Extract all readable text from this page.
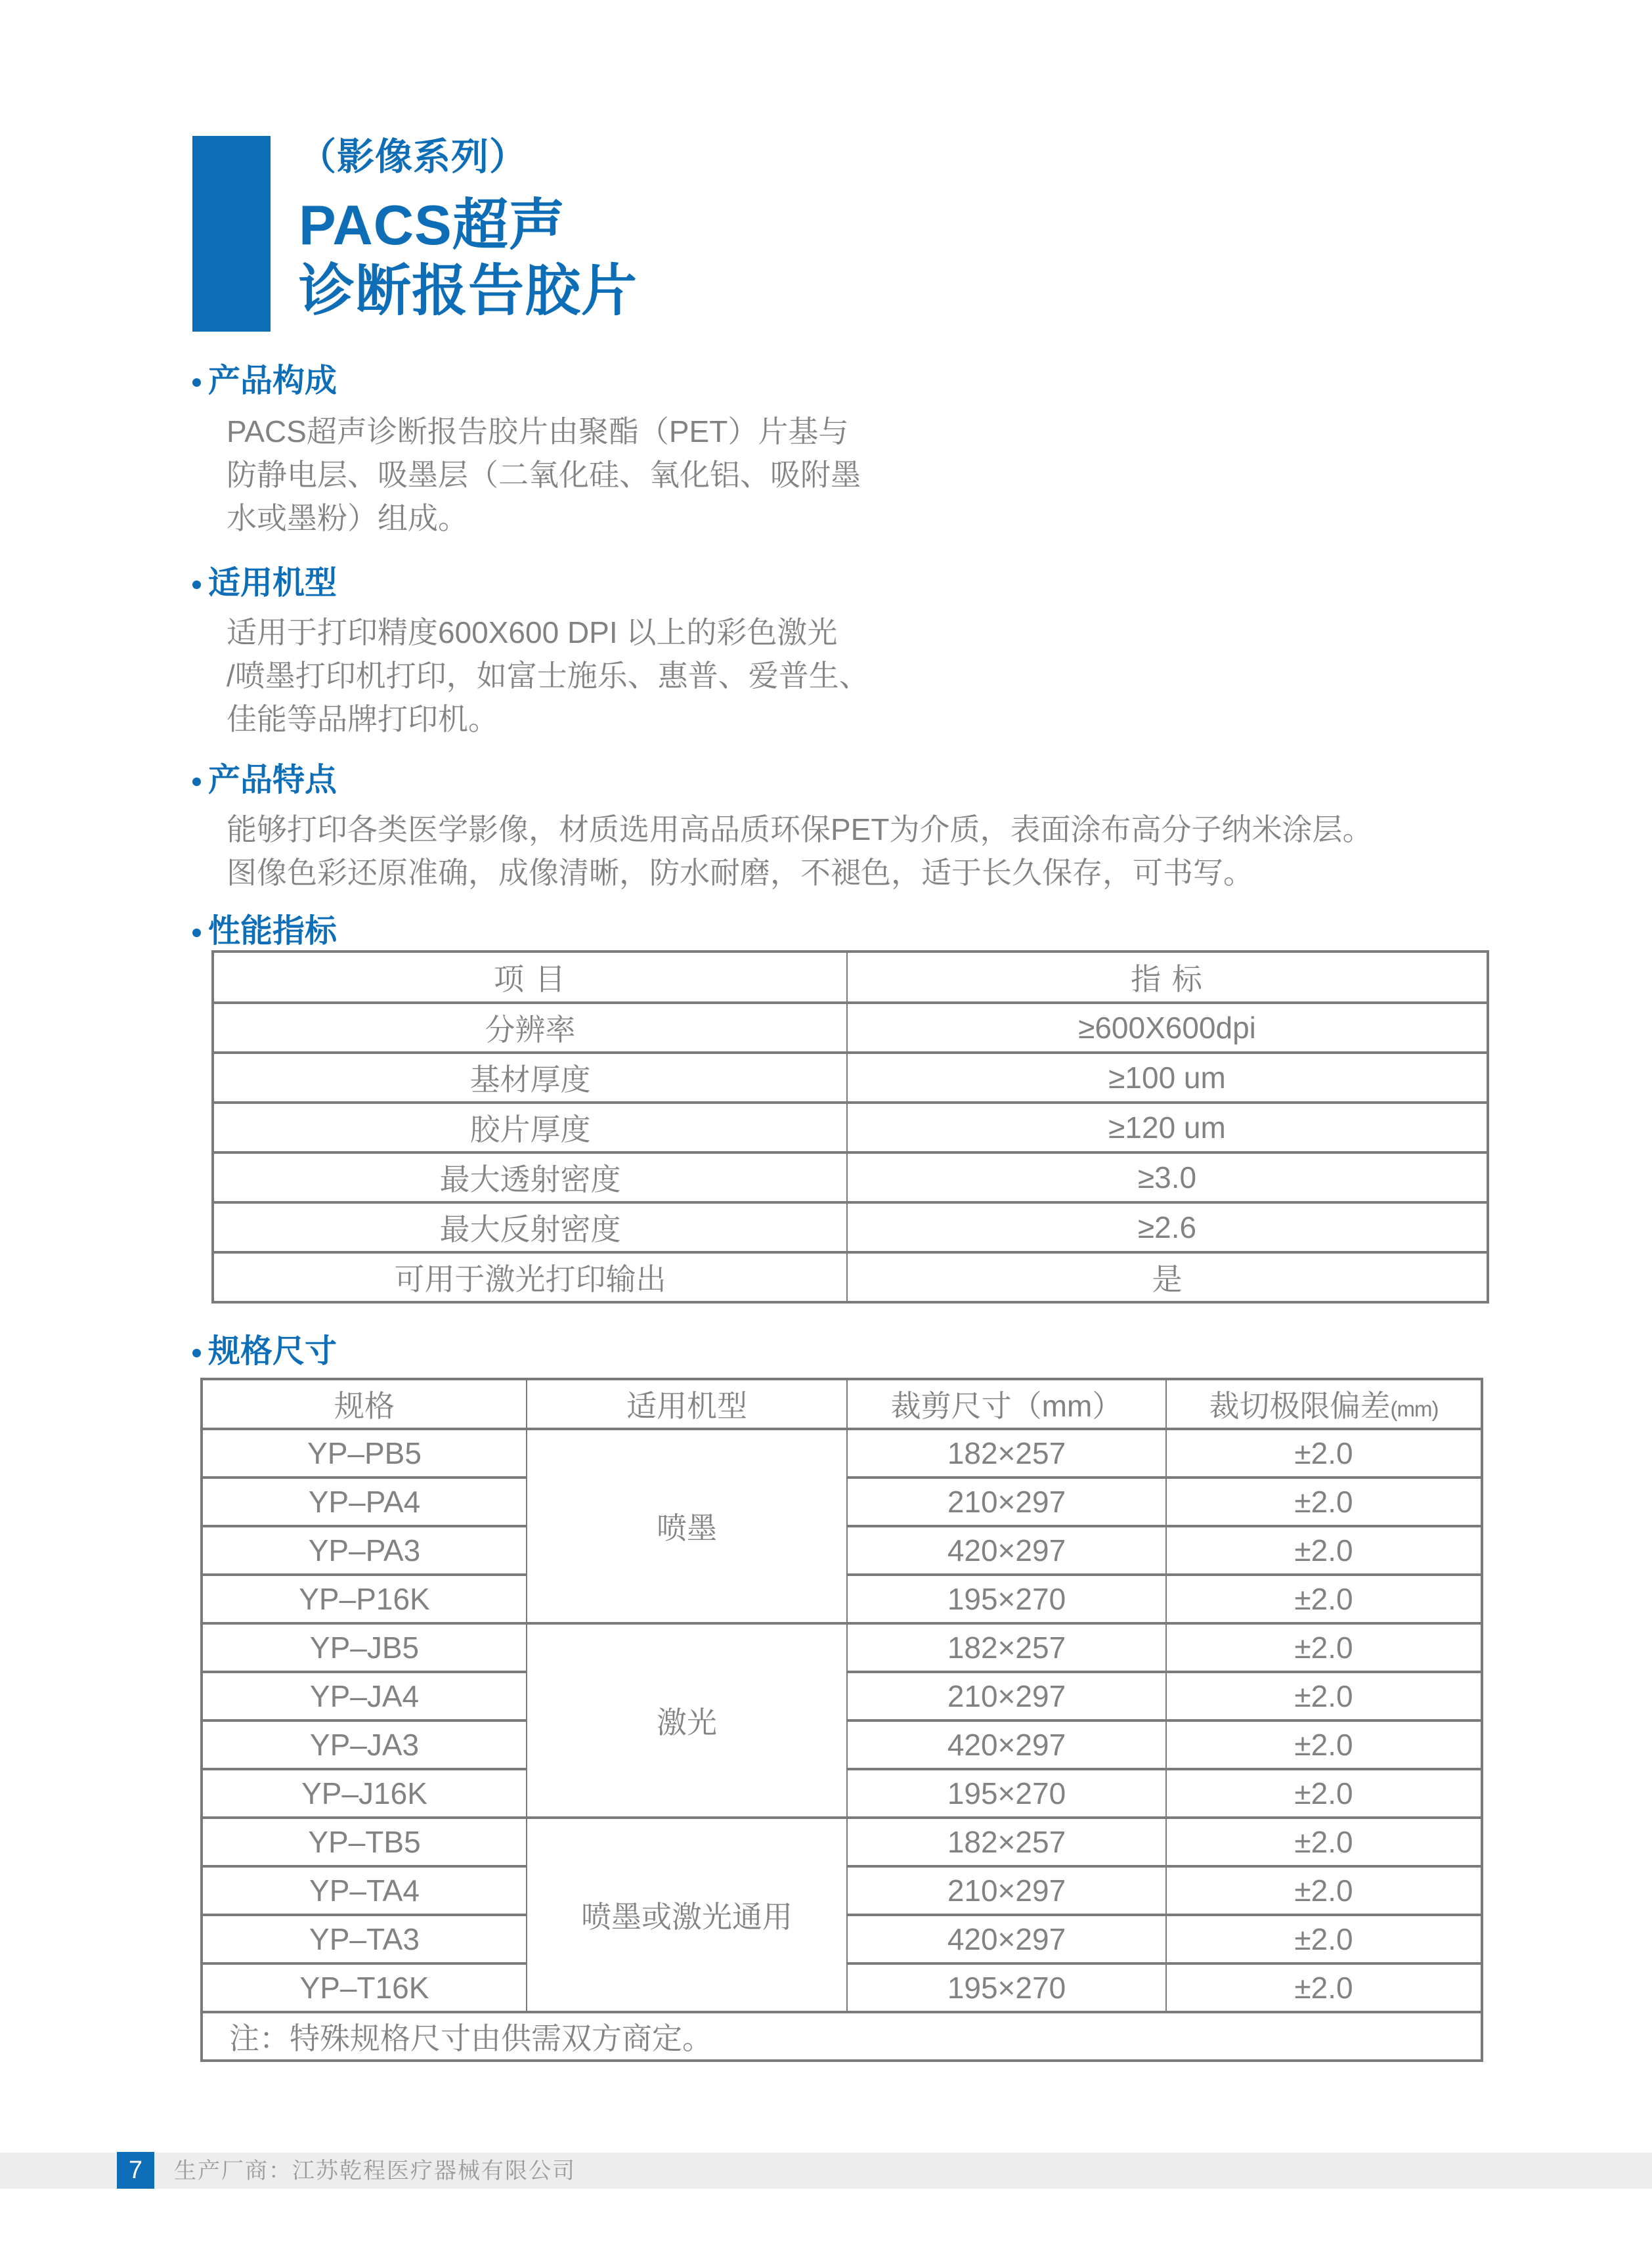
（影像系列）
PACS超声
诊断报告胶片
产品构成
PACS超声诊断报告胶片由聚酯（PET）片基与
防静电层、吸墨层（二氧化硅、氧化铝、吸附墨
水或墨粉）组成。
适用机型
适用于打印精度600X600 DPI 以上的彩色激光
/喷墨打印机打印，如富士施乐、惠普、爱普生、
佳能等品牌打印机。
产品特点
能够打印各类医学影像，材质选用高品质环保PET为介质，表面涂布高分子纳米涂层。
图像色彩还原准确，成像清晰，防水耐磨，不褪色，适于长久保存，可书写。
性能指标
项 目	指 标
分辨率	≥600X600dpi
基材厚度	≥100 um
胶片厚度	≥120 um
最大透射密度	≥3.0
最大反射密度	≥2.6
可用于激光打印输出	是
规格尺寸
规格	适用机型	裁剪尺寸（mm）	裁切极限偏差(mm)
YP–PB5	喷墨	182×257	±2.0
YP–PA4		210×297	±2.0
YP–PA3		420×297	±2.0
YP–P16K		195×270	±2.0
YP–JB5	激光	182×257	±2.0
YP–JA4		210×297	±2.0
YP–JA3		420×297	±2.0
YP–J16K		195×270	±2.0
YP–TB5	喷墨或激光通用	182×257	±2.0
YP–TA4		210×297	±2.0
YP–TA3		420×297	±2.0
YP–T16K		195×270	±2.0
注：特殊规格尺寸由供需双方商定。			
7	生产厂商：江苏乾程医疗器械有限公司
